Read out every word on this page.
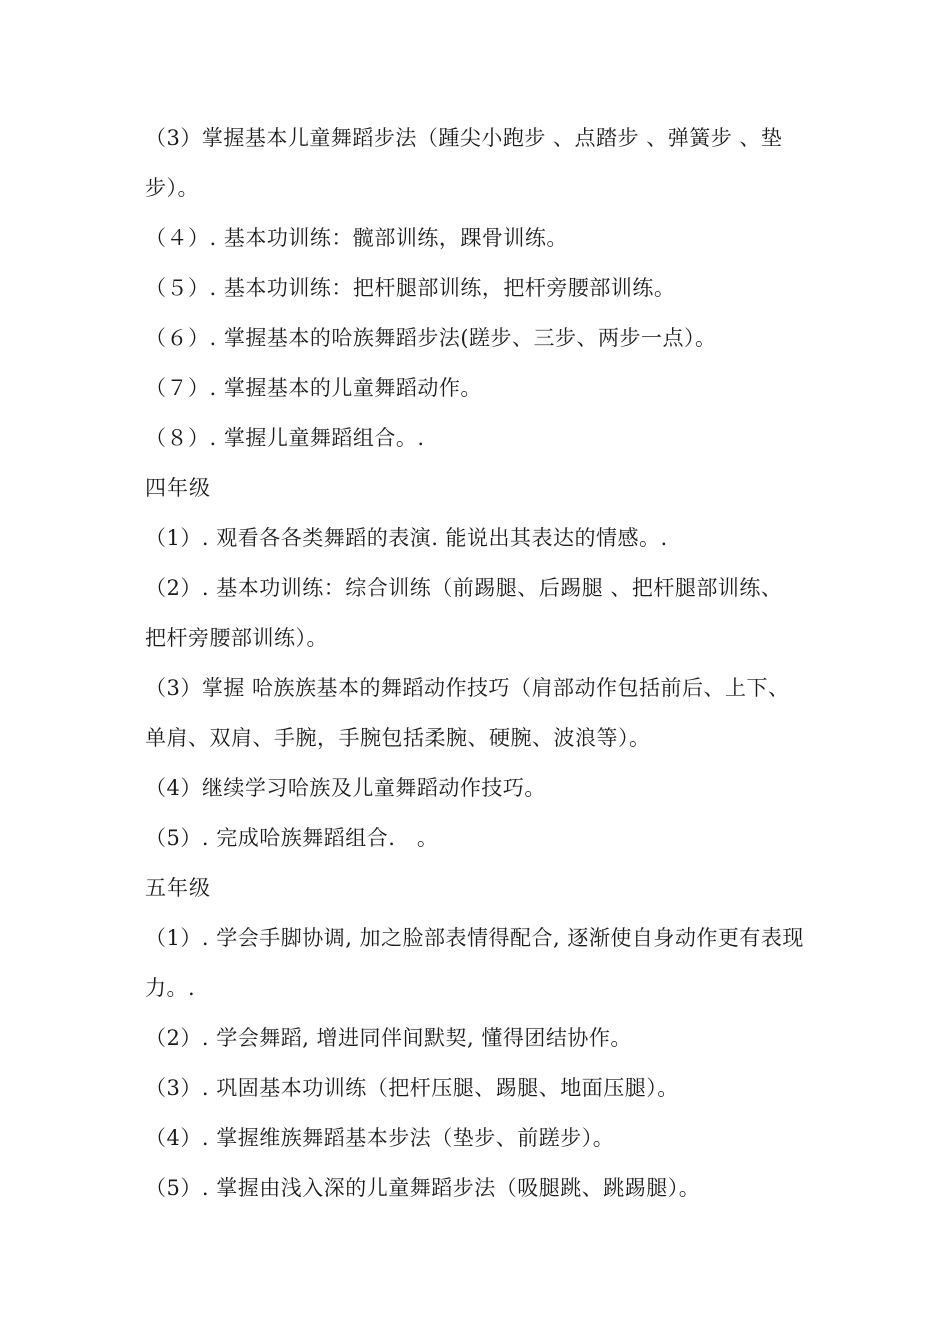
（3）掌握基本儿童舞蹈步法（踵尖小跑步 、点踏步 、弹簧步 、垫
步）。
（４）. 基本功训练：髋部训练，踝骨训练。
（５）. 基本功训练：把杆腿部训练，把杆旁腰部训练。
（６）. 掌握基本的哈族舞蹈步法(蹉步、三步、两步一点）。
（７）. 掌握基本的儿童舞蹈动作。
（８）. 掌握儿童舞蹈组合。.
四年级
（1）. 观看各各类舞蹈的表演. 能说出其表达的情感。.
（2）. 基本功训练：综合训练（前踢腿、后踢腿 、把杆腿部训练、
把杆旁腰部训练）。
（3）掌握 哈族族基本的舞蹈动作技巧（肩部动作包括前后、上下、
单肩、双肩、手腕，手腕包括柔腕、硬腕、波浪等）。
（4）继续学习哈族及儿童舞蹈动作技巧。
（5）. 完成哈族舞蹈组合.　。
五年级
（1）. 学会手脚协调, 加之脸部表情得配合, 逐渐使自身动作更有表现
力。.
（2）. 学会舞蹈, 增进同伴间默契, 懂得团结协作。
（3）. 巩固基本功训练（把杆压腿、踢腿、地面压腿）。
（4）. 掌握维族舞蹈基本步法（垫步、前蹉步）。
（5）. 掌握由浅入深的儿童舞蹈步法（吸腿跳、跳踢腿）。
